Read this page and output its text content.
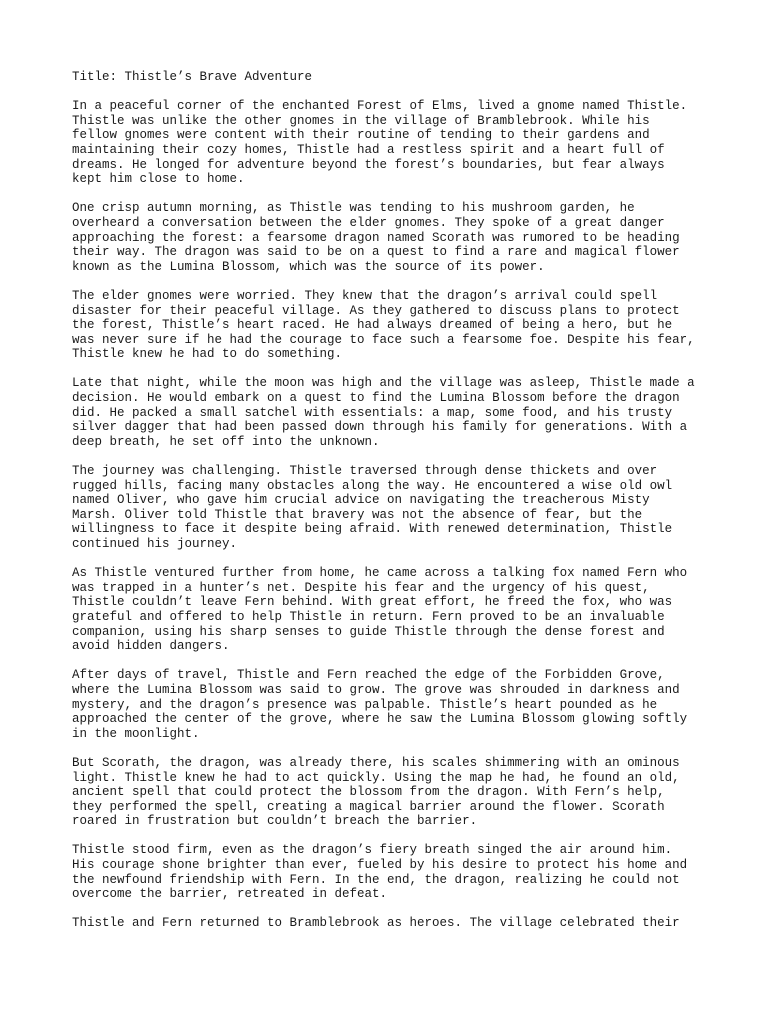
Title: Thistle’s Brave Adventure
In a peaceful corner of the enchanted Forest of Elms, lived a gnome named Thistle.
Thistle was unlike the other gnomes in the village of Bramblebrook. While his
fellow gnomes were content with their routine of tending to their gardens and
maintaining their cozy homes, Thistle had a restless spirit and a heart full of
dreams. He longed for adventure beyond the forest’s boundaries, but fear always
kept him close to home.
One crisp autumn morning, as Thistle was tending to his mushroom garden, he
overheard a conversation between the elder gnomes. They spoke of a great danger
approaching the forest: a fearsome dragon named Scorath was rumored to be heading
their way. The dragon was said to be on a quest to find a rare and magical flower
known as the Lumina Blossom, which was the source of its power.
The elder gnomes were worried. They knew that the dragon’s arrival could spell
disaster for their peaceful village. As they gathered to discuss plans to protect
the forest, Thistle’s heart raced. He had always dreamed of being a hero, but he
was never sure if he had the courage to face such a fearsome foe. Despite his fear,
Thistle knew he had to do something.
Late that night, while the moon was high and the village was asleep, Thistle made a
decision. He would embark on a quest to find the Lumina Blossom before the dragon
did. He packed a small satchel with essentials: a map, some food, and his trusty
silver dagger that had been passed down through his family for generations. With a
deep breath, he set off into the unknown.
The journey was challenging. Thistle traversed through dense thickets and over
rugged hills, facing many obstacles along the way. He encountered a wise old owl
named Oliver, who gave him crucial advice on navigating the treacherous Misty
Marsh. Oliver told Thistle that bravery was not the absence of fear, but the
willingness to face it despite being afraid. With renewed determination, Thistle
continued his journey.
As Thistle ventured further from home, he came across a talking fox named Fern who
was trapped in a hunter’s net. Despite his fear and the urgency of his quest,
Thistle couldn’t leave Fern behind. With great effort, he freed the fox, who was
grateful and offered to help Thistle in return. Fern proved to be an invaluable
companion, using his sharp senses to guide Thistle through the dense forest and
avoid hidden dangers.
After days of travel, Thistle and Fern reached the edge of the Forbidden Grove,
where the Lumina Blossom was said to grow. The grove was shrouded in darkness and
mystery, and the dragon’s presence was palpable. Thistle’s heart pounded as he
approached the center of the grove, where he saw the Lumina Blossom glowing softly
in the moonlight.
But Scorath, the dragon, was already there, his scales shimmering with an ominous
light. Thistle knew he had to act quickly. Using the map he had, he found an old,
ancient spell that could protect the blossom from the dragon. With Fern’s help,
they performed the spell, creating a magical barrier around the flower. Scorath
roared in frustration but couldn’t breach the barrier.
Thistle stood firm, even as the dragon’s fiery breath singed the air around him.
His courage shone brighter than ever, fueled by his desire to protect his home and
the newfound friendship with Fern. In the end, the dragon, realizing he could not
overcome the barrier, retreated in defeat.
Thistle and Fern returned to Bramblebrook as heroes. The village celebrated their
